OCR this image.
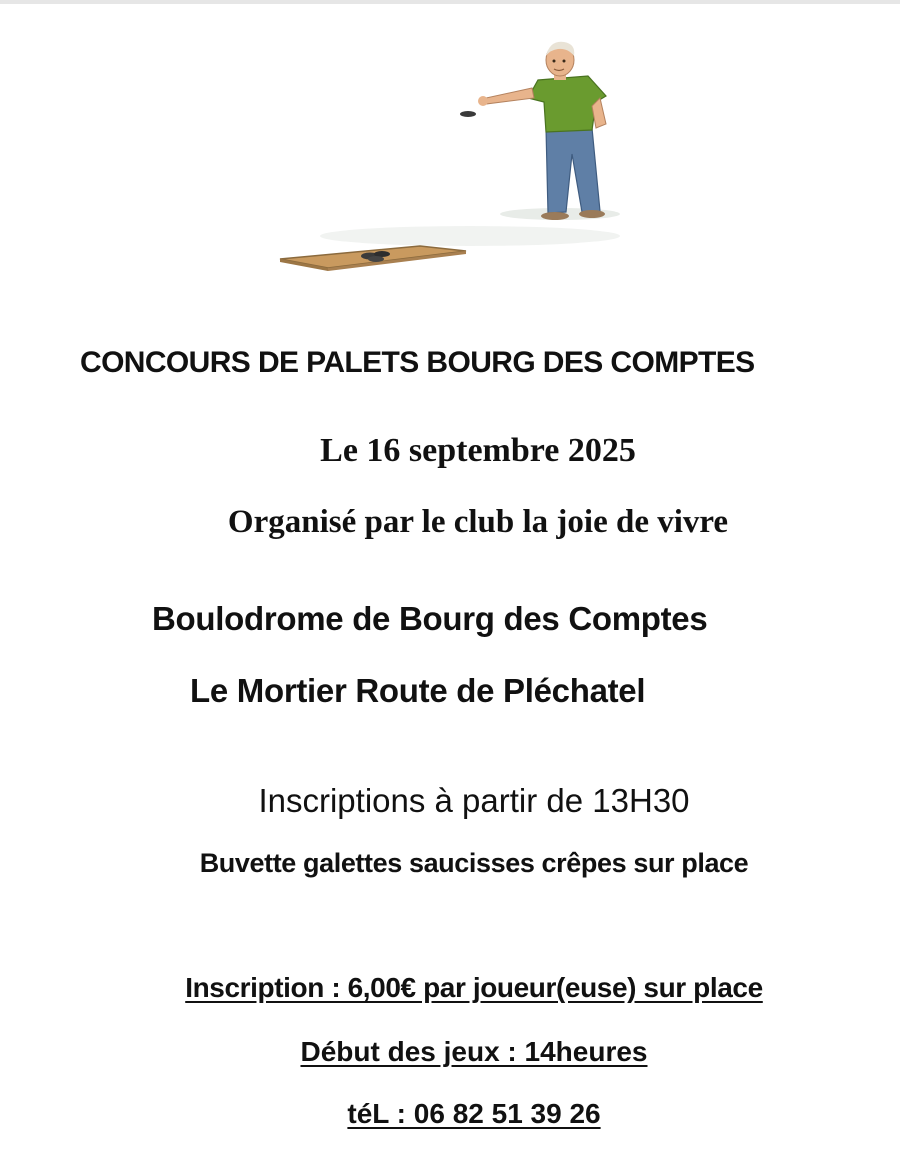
CONCOURS DE PALETS BOURG DES COMPTES
Le 16 septembre 2025
Organisé par le club la joie de vivre
Boulodrome de Bourg des Comptes
Le Mortier Route de Pléchatel
Inscriptions à partir de 13H30
Buvette galettes saucisses crêpes sur place
Inscription : 6,00€ par joueur(euse) sur place
Début des jeux : 14heures
téL : 06 82 51 39 26
